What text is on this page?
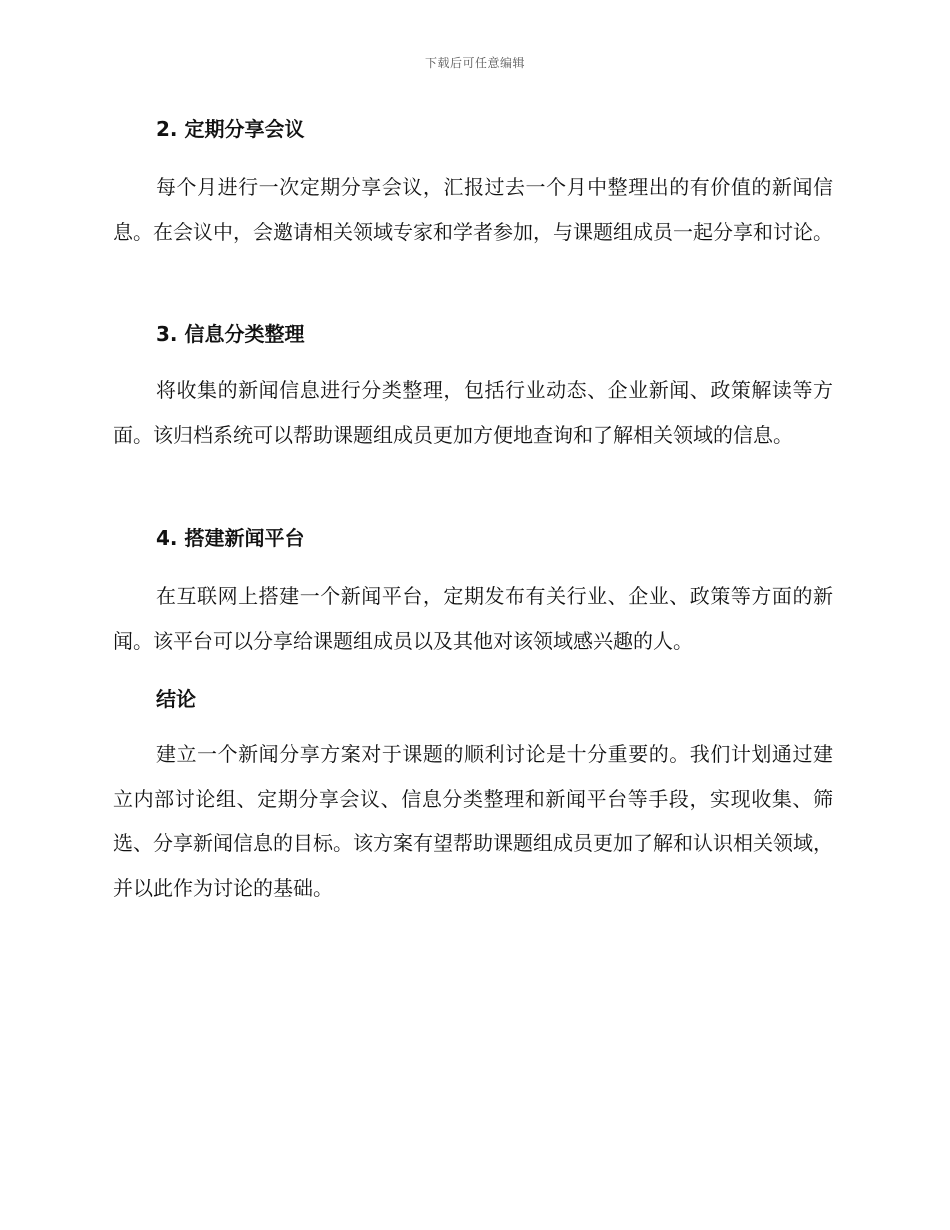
下载后可任意编辑
2. 定期分享会议

每个月进行一次定期分享会议，汇报过去一个月中整理出的有价值的新闻信息。在会议中，会邀请相关领域专家和学者参加，与课题组成员一起分享和讨论。

3. 信息分类整理

将收集的新闻信息进行分类整理，包括行业动态、企业新闻、政策解读等方面。该归档系统可以帮助课题组成员更加方便地查询和了解相关领域的信息。

4. 搭建新闻平台

在互联网上搭建一个新闻平台，定期发布有关行业、企业、政策等方面的新闻。该平台可以分享给课题组成员以及其他对该领域感兴趣的人。

结论

建立一个新闻分享方案对于课题的顺利讨论是十分重要的。我们计划通过建立内部讨论组、定期分享会议、信息分类整理和新闻平台等手段，实现收集、筛选、分享新闻信息的目标。该方案有望帮助课题组成员更加了解和认识相关领域，并以此作为讨论的基础。
